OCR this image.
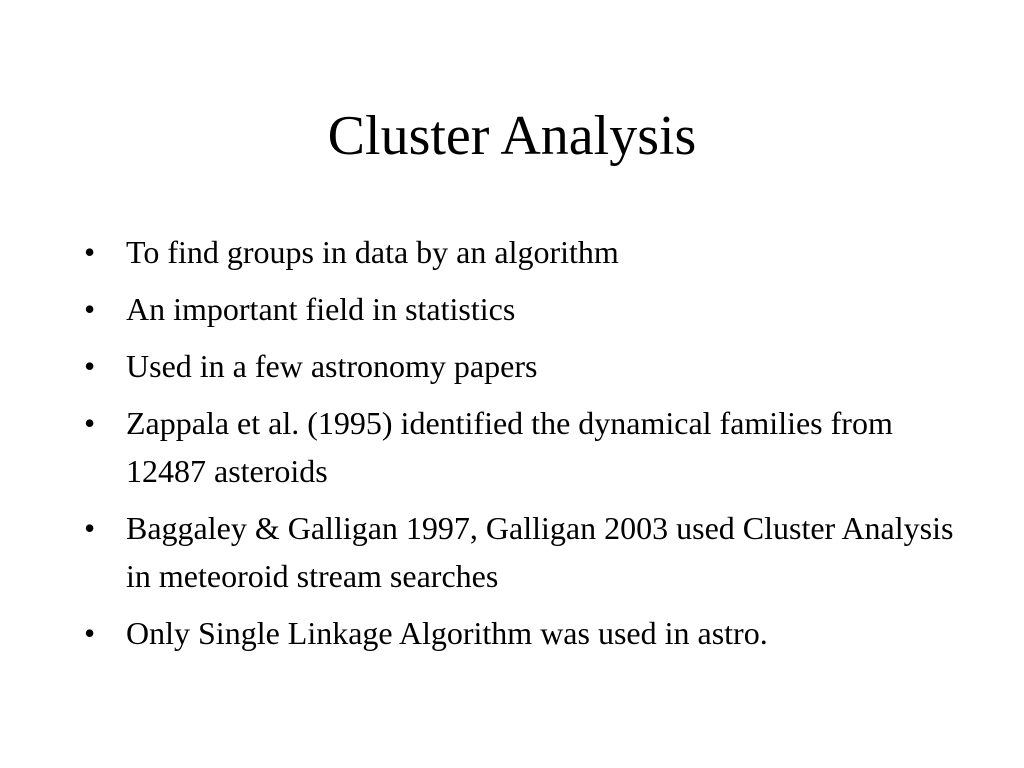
Cluster Analysis
• To find groups in data by an algorithm
• An important field in statistics
• Used in a few astronomy papers
• Zappala et al. (1995) identified the dynamical families from 12487 asteroids
• Baggaley & Galligan 1997, Galligan 2003 used Cluster Analysis in meteoroid stream searches
• Only Single Linkage Algorithm was used in astro.
